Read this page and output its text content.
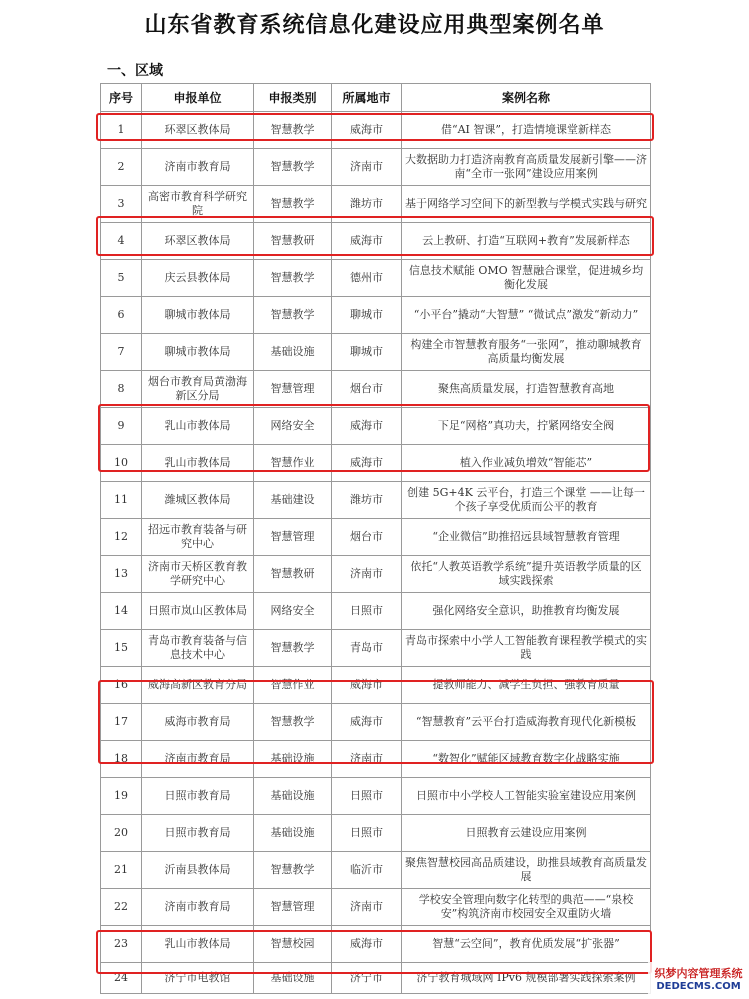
山东省教育系统信息化建设应用典型案例名单
一、区域
序号	申报单位	申报类别	所属地市	案例名称
1	环翠区教体局	智慧教学	威海市	借“AI 智课”，打造情境课堂新样态
2	济南市教育局	智慧教学	济南市	大数据助力打造济南教育高质量发展新引擎——济南“全市一张网”建设应用案例
3	高密市教育科学研究院	智慧教学	潍坊市	基于网络学习空间下的新型教与学模式实践与研究
4	环翠区教体局	智慧教研	威海市	云上教研、打造“互联网+教育”发展新样态
5	庆云县教体局	智慧教学	德州市	信息技术赋能 OMO 智慧融合课堂，促进城乡均衡化发展
6	聊城市教体局	智慧教学	聊城市	“小平台”撬动“大智慧” “微试点”激发“新动力”
7	聊城市教体局	基础设施	聊城市	构建全市智慧教育服务“一张网”，推动聊城教育高质量均衡发展
8	烟台市教育局黄渤海新区分局	智慧管理	烟台市	聚焦高质量发展，打造智慧教育高地
9	乳山市教体局	网络安全	威海市	下足“网格”真功夫，拧紧网络安全阀
10	乳山市教体局	智慧作业	威海市	植入作业减负增效“智能芯”
11	潍城区教体局	基础建设	潍坊市	创建 5G+4K 云平台，打造三个课堂 ——让每一个孩子享受优质而公平的教育
12	招远市教育装备与研究中心	智慧管理	烟台市	“企业微信”助推招远县域智慧教育管理
13	济南市天桥区教育教学研究中心	智慧教研	济南市	依托“人教英语教学系统”提升英语教学质量的区域实践探索
14	日照市岚山区教体局	网络安全	日照市	强化网络安全意识，助推教育均衡发展
15	青岛市教育装备与信息技术中心	智慧教学	青岛市	青岛市探索中小学人工智能教育课程教学模式的实践
16	威海高新区教育分局	智慧作业	威海市	提教师能力、减学生负担、强教育质量
17	威海市教育局	智慧教学	威海市	“智慧教育”云平台打造威海教育现代化新模板
18	济南市教育局	基础设施	济南市	“数智化”赋能区域教育数字化战略实施
19	日照市教育局	基础设施	日照市	日照市中小学校人工智能实验室建设应用案例
20	日照市教育局	基础设施	日照市	日照教育云建设应用案例
21	沂南县教体局	智慧教学	临沂市	聚焦智慧校园高品质建设，助推县域教育高质量发展
22	济南市教育局	智慧管理	济南市	学校安全管理向数字化转型的典范——“泉校安”构筑济南市校园安全双重防火墙
23	乳山市教体局	智慧校园	威海市	智慧“云空间”，教育优质发展“扩张器”
24	济宁市电教馆	基础设施	济宁市	济宁教育城域网 IPv6 规模部署实践探索案例	织梦内容管理系统
DEDECMS.COM
